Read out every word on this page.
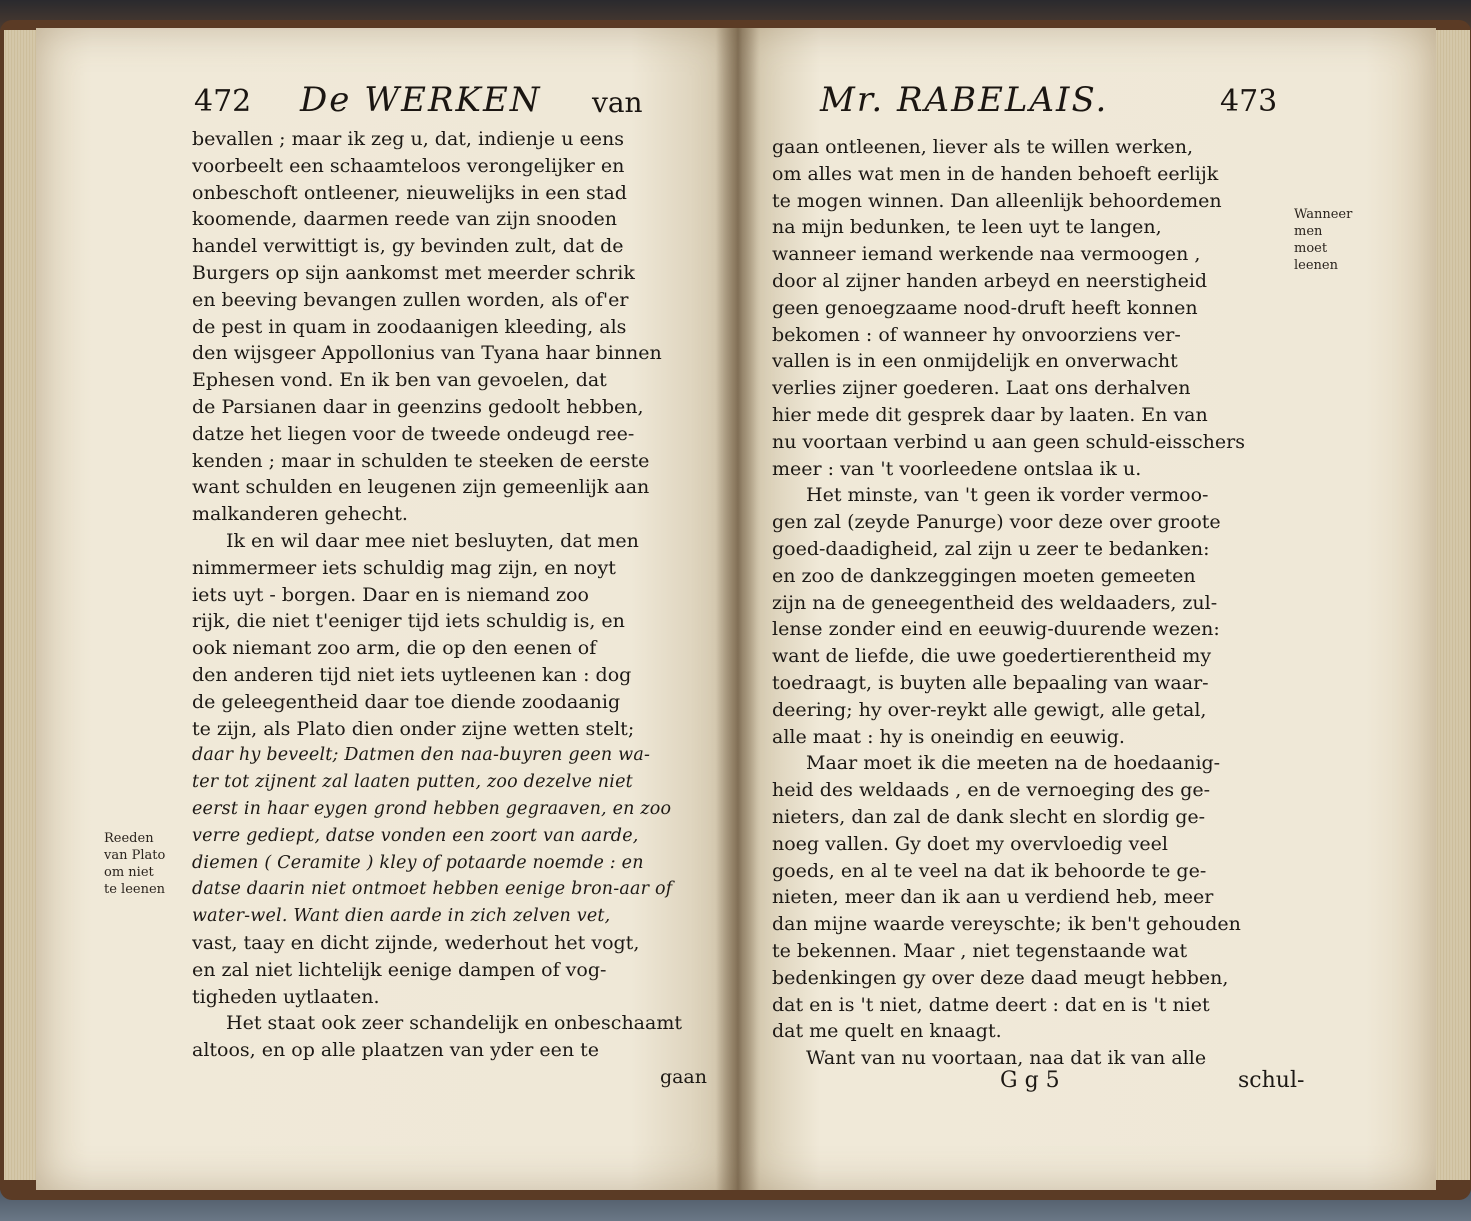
472 De WERKEN van
bevallen ; maar ik zeg u, dat, indienje u eens
voorbeelt een schaamteloos verongelijker en
onbeschoft ontleener, nieuwelijks in een stad
koomende, daarmen reede van zijn snooden
handel verwittigt is, gy bevinden zult, dat de
Burgers op sijn aankomst met meerder schrik
en beeving bevangen zullen worden, als of'er
de pest in quam in zoodaanigen kleeding, als
den wijsgeer Appollonius van Tyana haar binnen
Ephesen vond. En ik ben van gevoelen, dat
de Parsianen daar in geenzins gedoolt hebben,
datze het liegen voor de tweede ondeugd ree-
kenden ; maar in schulden te steeken de eerste
want schulden en leugenen zijn gemeenlijk aan
malkanderen gehecht.
Ik en wil daar mee niet besluyten, dat men
nimmermeer iets schuldig mag zijn, en noyt
iets uyt - borgen. Daar en is niemand zoo
rijk, die niet t'eeniger tijd iets schuldig is, en
ook niemant zoo arm, die op den eenen of
den anderen tijd niet iets uytleenen kan : dog
de geleegentheid daar toe diende zoodaanig
te zijn, als Plato dien onder zijne wetten stelt;
daar hy beveelt; Datmen den naa-buyren geen wa-
ter tot zijnent zal laaten putten, zoo dezelve niet
eerst in haar eygen grond hebben gegraaven, en zoo
verre gediept, datse vonden een zoort van aarde,
diemen ( Ceramite ) kley of potaarde noemde : en
datse daarin niet ontmoet hebben eenige bron-aar of
water-wel. Want dien aarde in zich zelven vet,
vast, taay en dicht zijnde, wederhout het vogt,
en zal niet lichtelijk eenige dampen of vog-
tigheden uytlaaten.
Het staat ook zeer schandelijk en onbeschaamt
altoos, en op alle plaatzen van yder een te
gaan
Reeden
van Plato
om niet
te leenen
Mr. RABELAIS.	473
gaan ontleenen, liever als te willen werken,
om alles wat men in de handen behoeft eerlijk
te mogen winnen. Dan alleenlijk behoordemen
na mijn bedunken, te leen uyt te langen,
wanneer iemand werkende naa vermoogen ,
door al zijner handen arbeyd en neerstigheid
geen genoegzaame nood-druft heeft konnen
bekomen : of wanneer hy onvoorziens ver-
vallen is in een onmijdelijk en onverwacht
verlies zijner goederen. Laat ons derhalven
hier mede dit gesprek daar by laaten. En van
nu voortaan verbind u aan geen schuld-eisschers
meer : van 't voorleedene ontslaa ik u.
Het minste, van 't geen ik vorder vermoo-
gen zal (zeyde Panurge) voor deze over groote
goed-daadigheid, zal zijn u zeer te bedanken:
en zoo de dankzeggingen moeten gemeeten
zijn na de geneegentheid des weldaaders, zul-
lense zonder eind en eeuwig-duurende wezen:
want de liefde, die uwe goedertierentheid my
toedraagt, is buyten alle bepaaling van waar-
deering; hy over-reykt alle gewigt, alle getal,
alle maat : hy is oneindig en eeuwig.
Maar moet ik die meeten na de hoedaanig-
heid des weldaads , en de vernoeging des ge-
nieters, dan zal de dank slecht en slordig ge-
noeg vallen. Gy doet my overvloedig veel
goeds, en al te veel na dat ik behoorde te ge-
nieten, meer dan ik aan u verdiend heb, meer
dan mijne waarde vereyschte; ik ben't gehouden
te bekennen. Maar , niet tegenstaande wat
bedenkingen gy over deze daad meugt hebben,
dat en is 't niet, datme deert : dat en is 't niet
dat me quelt en knaagt.
Want van nu voortaan, naa dat ik van alle
Wanneer
men
moet
leenen
G g 5	schul-
